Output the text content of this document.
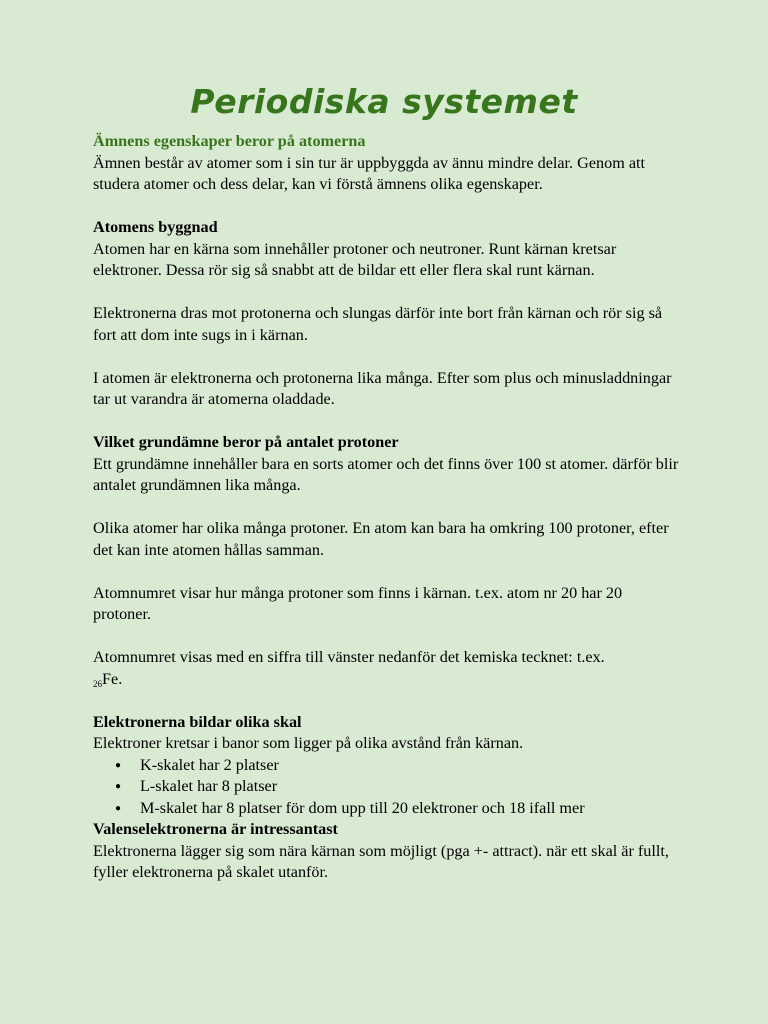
Periodiska systemet

Ämnens egenskaper beror på atomerna

Ämnen består av atomer som i sin tur är uppbyggda av ännu mindre delar. Genom att studera atomer och dess delar, kan vi förstå ämnens olika egenskaper.

Atomens byggnad

Atomen har en kärna som innehåller protoner och neutroner. Runt kärnan kretsar elektroner. Dessa rör sig så snabbt att de bildar ett eller flera skal runt kärnan.

Elektronerna dras mot protonerna och slungas därför inte bort från kärnan och rör sig så fort att dom inte sugs in i kärnan.

I atomen är elektronerna och protonerna lika många. Efter som plus och minusladdningar tar ut varandra är atomerna oladdade.

Vilket grundämne beror på antalet protoner

Ett grundämne innehåller bara en sorts atomer och det finns över 100 st atomer. därför blir antalet grundämnen lika många.

Olika atomer har olika många protoner. En atom kan bara ha omkring 100 protoner, efter det kan inte atomen hållas samman.

Atomnumret visar hur många protoner som finns i kärnan. t.ex. atom nr 20 har 20 protoner.

Atomnumret visas med en siffra till vänster nedanför det kemiska tecknet: t.ex.
$_{26}$Fe.

Elektronerna bildar olika skal

Elektroner kretsar i banor som ligger på olika avstånd från kärnan.

● K-skalet har 2 platser
● L-skalet har 8 platser
● M-skalet har 8 platser för dom upp till 20 elektroner och 18 ifall mer

Valenselektronerna är intressantast

Elektronerna lägger sig som nära kärnan som möjligt (pga +- attract). när ett skal är fullt, fyller elektronerna på skalet utanför.
